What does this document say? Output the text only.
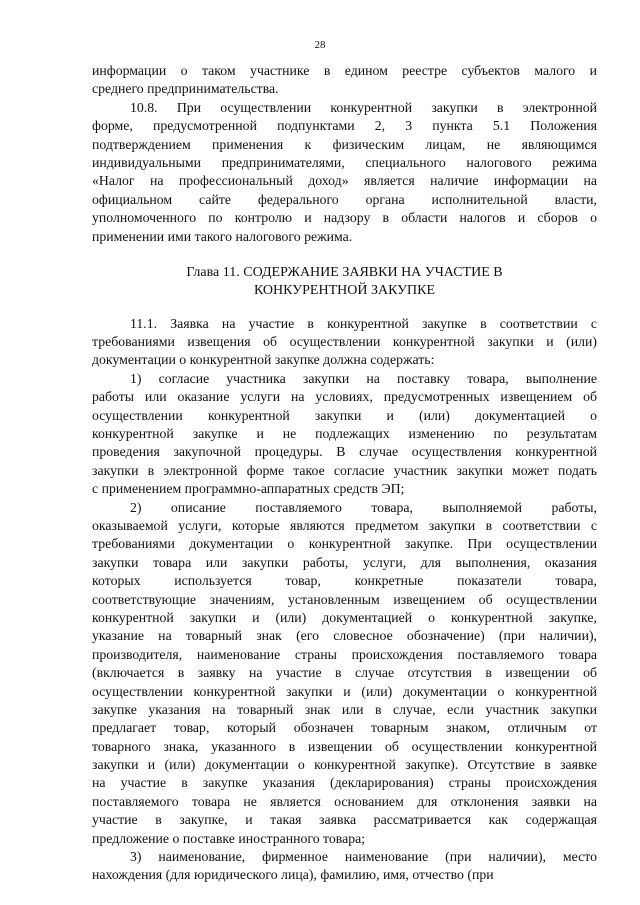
28
информации о таком участнике в едином реестре субъектов малого и
среднего предпринимательства.
10.8. При осуществлении конкурентной закупки в электронной
форме, предусмотренной подпунктами 2, 3 пункта 5.1 Положения
подтверждением применения к физическим лицам, не являющимся
индивидуальными предпринимателями, специального налогового режима
«Налог на профессиональный доход» является наличие информации на
официальном сайте федерального органа исполнительной власти,
уполномоченного по контролю и надзору в области налогов и сборов о
применении ими такого налогового режима.
Глава 11. СОДЕРЖАНИЕ ЗАЯВКИ НА УЧАСТИЕ В
КОНКУРЕНТНОЙ ЗАКУПКЕ
11.1. Заявка на участие в конкурентной закупке в соответствии с
требованиями извещения об осуществлении конкурентной закупки и (или)
документации о конкурентной закупке должна содержать:
1) согласие участника закупки на поставку товара, выполнение
работы или оказание услуги на условиях, предусмотренных извещением об
осуществлении конкурентной закупки и (или) документацией о
конкурентной закупке и не подлежащих изменению по результатам
проведения закупочной процедуры. В случае осуществления конкурентной
закупки в электронной форме такое согласие участник закупки может подать
с применением программно-аппаратных средств ЭП;
2) описание поставляемого товара, выполняемой работы,
оказываемой услуги, которые являются предметом закупки в соответствии с
требованиями документации о конкурентной закупке. При осуществлении
закупки товара или закупки работы, услуги, для выполнения, оказания
которых используется товар, конкретные показатели товара,
соответствующие значениям, установленным извещением об осуществлении
конкурентной закупки и (или) документацией о конкурентной закупке,
указание на товарный знак (его словесное обозначение) (при наличии),
производителя, наименование страны происхождения поставляемого товара
(включается в заявку на участие в случае отсутствия в извещении об
осуществлении конкурентной закупки и (или) документации о конкурентной
закупке указания на товарный знак или в случае, если участник закупки
предлагает товар, который обозначен товарным знаком, отличным от
товарного знака, указанного в извещении об осуществлении конкурентной
закупки и (или) документации о конкурентной закупке). Отсутствие в заявке
на участие в закупке указания (декларирования) страны происхождения
поставляемого товара не является основанием для отклонения заявки на
участие в закупке, и такая заявка рассматривается как содержащая
предложение о поставке иностранного товара;
3) наименование, фирменное наименование (при наличии), место
нахождения (для юридического лица), фамилию, имя, отчество (при
